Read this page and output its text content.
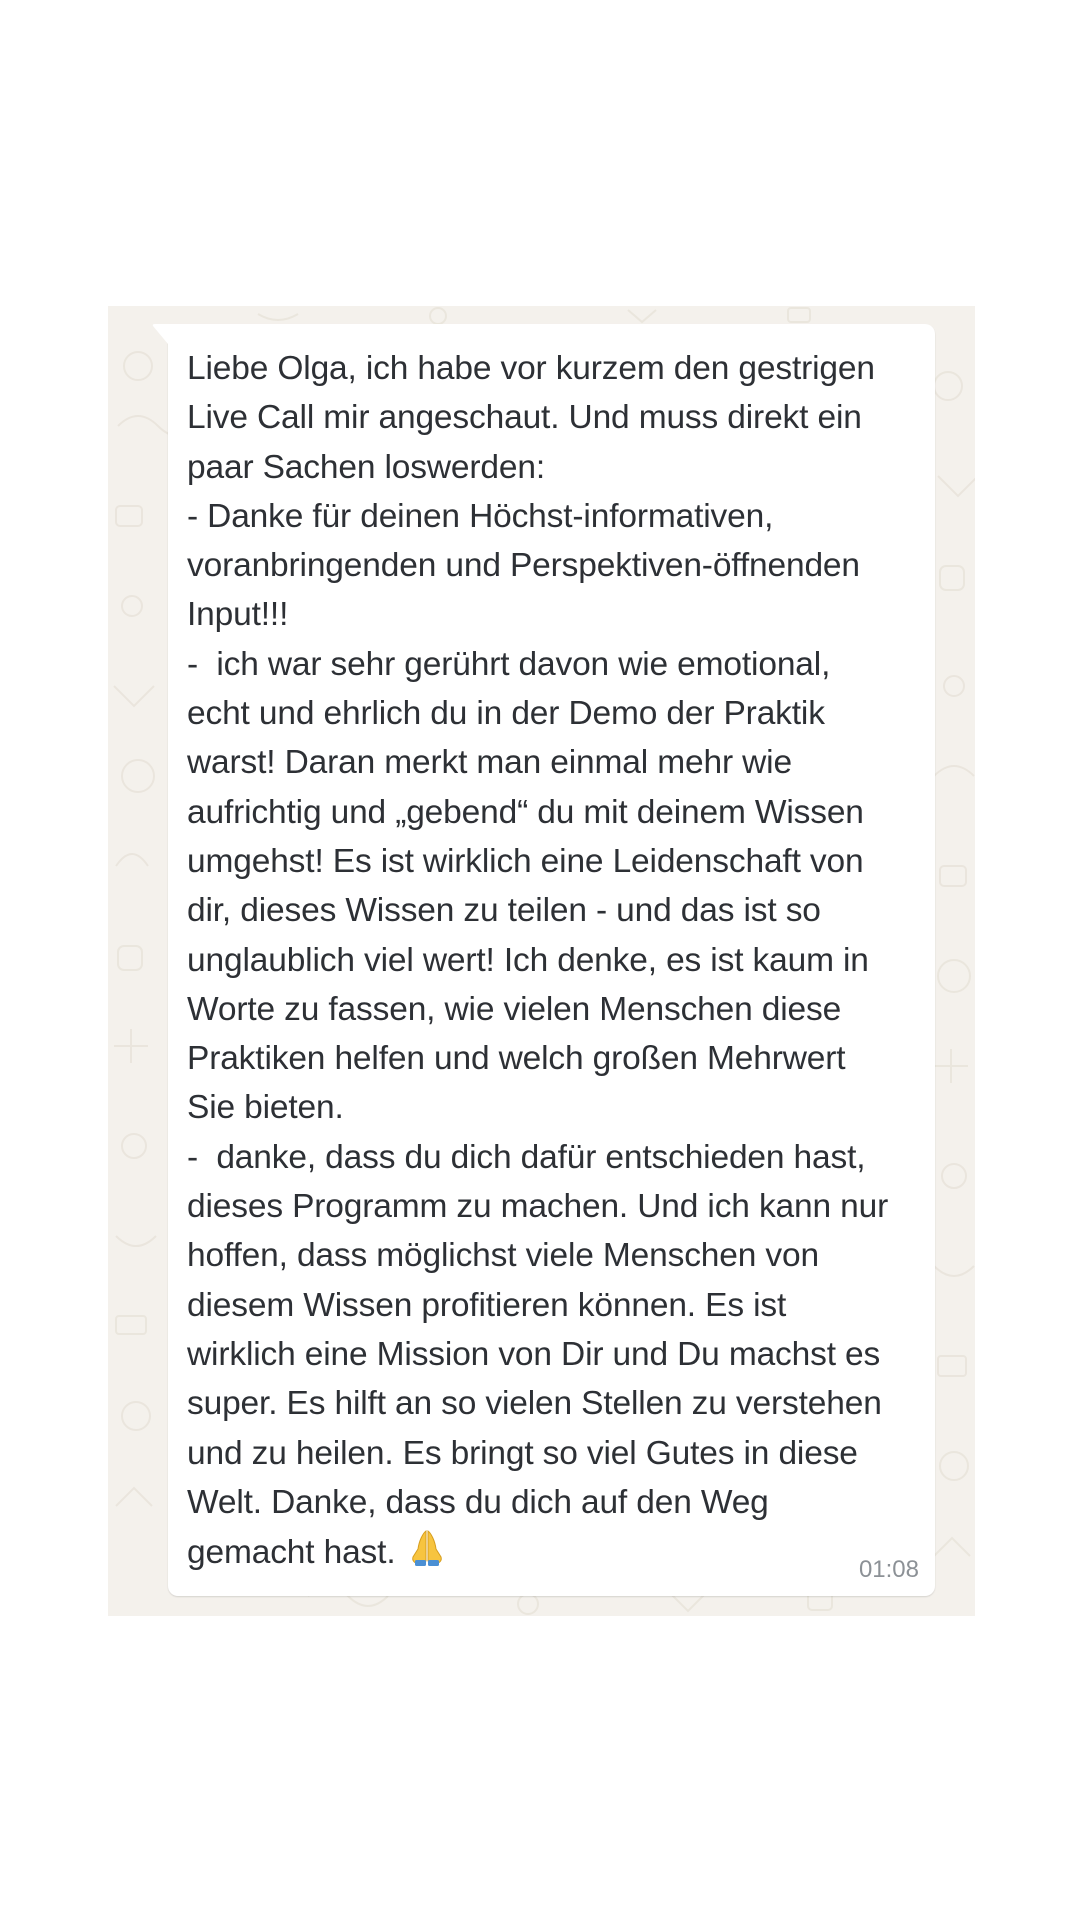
Liebe Olga, ich habe vor kurzem den gestrigen Live Call mir angeschaut. Und muss direkt ein paar Sachen loswerden:
- Danke für deinen Höchst-informativen, voranbringenden und Perspektiven-öffnenden Input!!!
-  ich war sehr gerührt davon wie emotional, echt und ehrlich du in der Demo der Praktik warst! Daran merkt man einmal mehr wie aufrichtig und „gebend“ du mit deinem Wissen umgehst! Es ist wirklich eine Leidenschaft von dir, dieses Wissen zu teilen - und das ist so unglaublich viel wert! Ich denke, es ist kaum in Worte zu fassen, wie vielen Menschen diese Praktiken helfen und welch großen Mehrwert Sie bieten.
-  danke, dass du dich dafür entschieden hast, dieses Programm zu machen. Und ich kann nur hoffen, dass möglichst viele Menschen von diesem Wissen profitieren können. Es ist wirklich eine Mission von Dir und Du machst es super. Es hilft an so vielen Stellen zu verstehen und zu heilen. Es bringt so viel Gutes in diese Welt. Danke, dass du dich auf den Weg gemacht hast.	01:08
